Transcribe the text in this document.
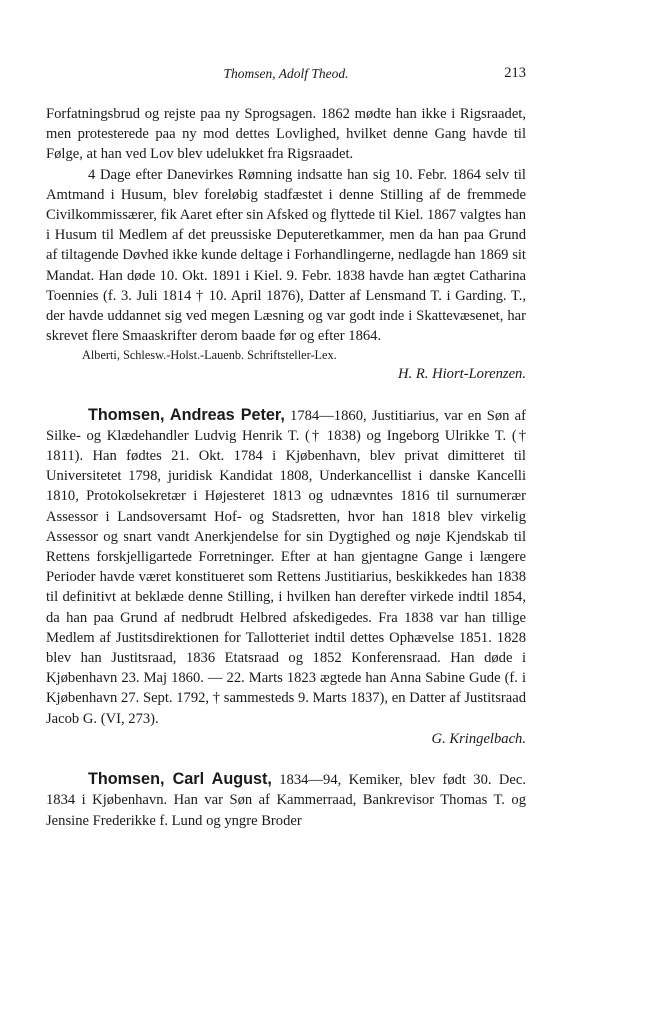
Thomsen, Adolf Theod.	213

Forfatningsbrud og rejste paa ny Sprogsagen. 1862 mødte han ikke i Rigsraadet, men protesterede paa ny mod dettes Lovlighed, hvilket denne Gang havde til Følge, at han ved Lov blev udelukket fra Rigsraadet.

4 Dage efter Danevirkes Rømning indsatte han sig 10. Febr. 1864 selv til Amtmand i Husum, blev foreløbig stadfæstet i denne Stilling af de fremmede Civilkommissærer, fik Aaret efter sin Afsked og flyttede til Kiel. 1867 valgtes han i Husum til Medlem af det preussiske Deputeretkammer, men da han paa Grund af tiltagende Døvhed ikke kunde deltage i Forhandlingerne, nedlagde han 1869 sit Mandat. Han døde 10. Okt. 1891 i Kiel. 9. Febr. 1838 havde han ægtet Catharina Toennies (f. 3. Juli 1814 † 10. April 1876), Datter af Lensmand T. i Garding. T., der havde uddannet sig ved megen Læsning og var godt inde i Skattevæsenet, har skrevet flere Smaaskrifter derom baade før og efter 1864.

Alberti, Schlesw.-Holst.-Lauenb. Schriftsteller-Lex.

H. R. Hiort-Lorenzen.

Thomsen, Andreas Peter, 1784—1860, Justitiarius, var en Søn af Silke- og Klædehandler Ludvig Henrik T. († 1838) og Ingeborg Ulrikke T. († 1811). Han fødtes 21. Okt. 1784 i Kjøbenhavn, blev privat dimitteret til Universitetet 1798, juridisk Kandidat 1808, Underkancellist i danske Kancelli 1810, Protokolsekretær i Højesteret 1813 og udnævntes 1816 til surnumerær Assessor i Landsoversamt Hof- og Stadsretten, hvor han 1818 blev virkelig Assessor og snart vandt Anerkjendelse for sin Dygtighed og nøje Kjendskab til Rettens forskjelligartede Forretninger. Efter at han gjentagne Gange i længere Perioder havde været konstitueret som Rettens Justitiarius, beskikkedes han 1838 til definitivt at beklæde denne Stilling, i hvilken han derefter virkede indtil 1854, da han paa Grund af nedbrudt Helbred afskedigedes. Fra 1838 var han tillige Medlem af Justitsdirektionen for Tallotteriet indtil dettes Ophævelse 1851. 1828 blev han Justitsraad, 1836 Etatsraad og 1852 Konferensraad. Han døde i Kjøbenhavn 23. Maj 1860. — 22. Marts 1823 ægtede han Anna Sabine Gude (f. i Kjøbenhavn 27. Sept. 1792, † sammesteds 9. Marts 1837), en Datter af Justitsraad Jacob G. (VI, 273).

G. Kringelbach.

Thomsen, Carl August, 1834—94, Kemiker, blev født 30. Dec. 1834 i Kjøbenhavn. Han var Søn af Kammerraad, Bankrevisor Thomas T. og Jensine Frederikke f. Lund og yngre Broder
